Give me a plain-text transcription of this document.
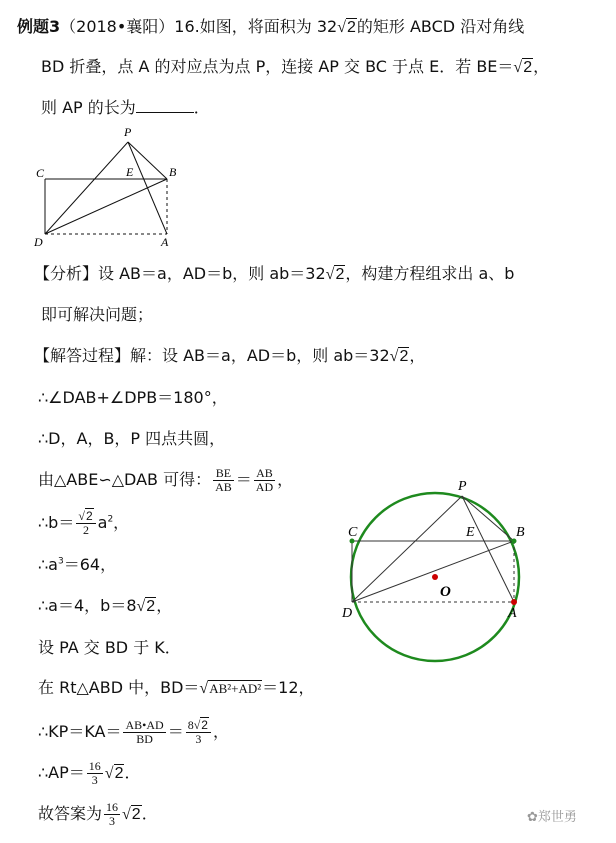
例题3（2018•襄阳）16.如图，将面积为 32√2的矩形 ABCD 沿对角线
BD 折叠，点 A 的对应点为点 P，连接 AP 交 BC 于点 E．若 BE＝√2，
则 AP 的长为	．
P
C	E	B
D	A
【分析】设 AB＝a，AD＝b，则 ab＝32√2，构建方程组求出 a、b
即可解决问题；
【解答过程】解：设 AB＝a，AD＝b，则 ab＝32√2，
∴∠DAB+∠DPB＝180°，
∴D，A，B，P 四点共圆，
由△ABE∽△DAB 可得： $\frac{BE}{AB} = \frac{AB}{AD}$ ，
∴b＝ $\frac{√2}{2} a^2$，
$\therefore a^3=64$，
∴a＝4，b＝8√2，
设 PA 交 BD 于 K．
在 Rt△ABD 中，BD＝√AB²+AD²＝12，
∴KP＝KA＝ $\frac{AB•AD}{BD} = \frac{8√2}{3}$ ，
∴AP＝ $\frac{16}{3} √2$．
故答案为 $\frac{16}{3} √2$．
P
C	E	B
O
D	A
✿郑世勇
